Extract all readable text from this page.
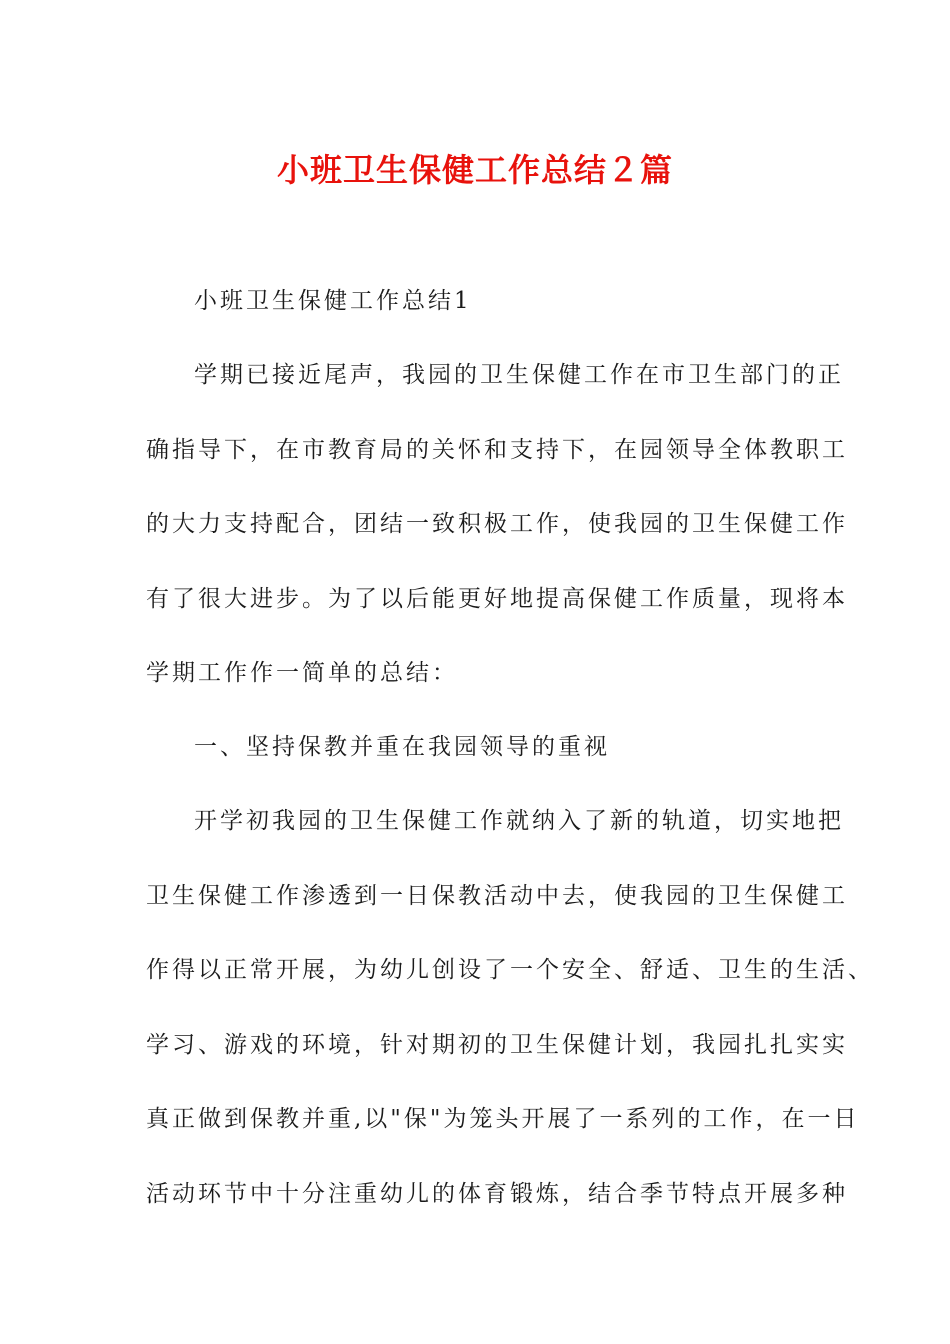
小班卫生保健工作总结２篇

小班卫生保健工作总结1

学期已接近尾声，我园的卫生保健工作在市卫生部门的正
确指导下，在市教育局的关怀和支持下，在园领导全体教职工
的大力支持配合，团结一致积极工作，使我园的卫生保健工作
有了很大进步。为了以后能更好地提高保健工作质量，现将本
学期工作作一简单的总结：

一、坚持保教并重在我园领导的重视

开学初我园的卫生保健工作就纳入了新的轨道，切实地把
卫生保健工作渗透到一日保教活动中去，使我园的卫生保健工
作得以正常开展，为幼儿创设了一个安全、舒适、卫生的生活、
学习、游戏的环境，针对期初的卫生保健计划，我园扎扎实实
真正做到保教并重,以"保"为笼头开展了一系列的工作，在一日
活动环节中十分注重幼儿的体育锻炼，结合季节特点开展多种
